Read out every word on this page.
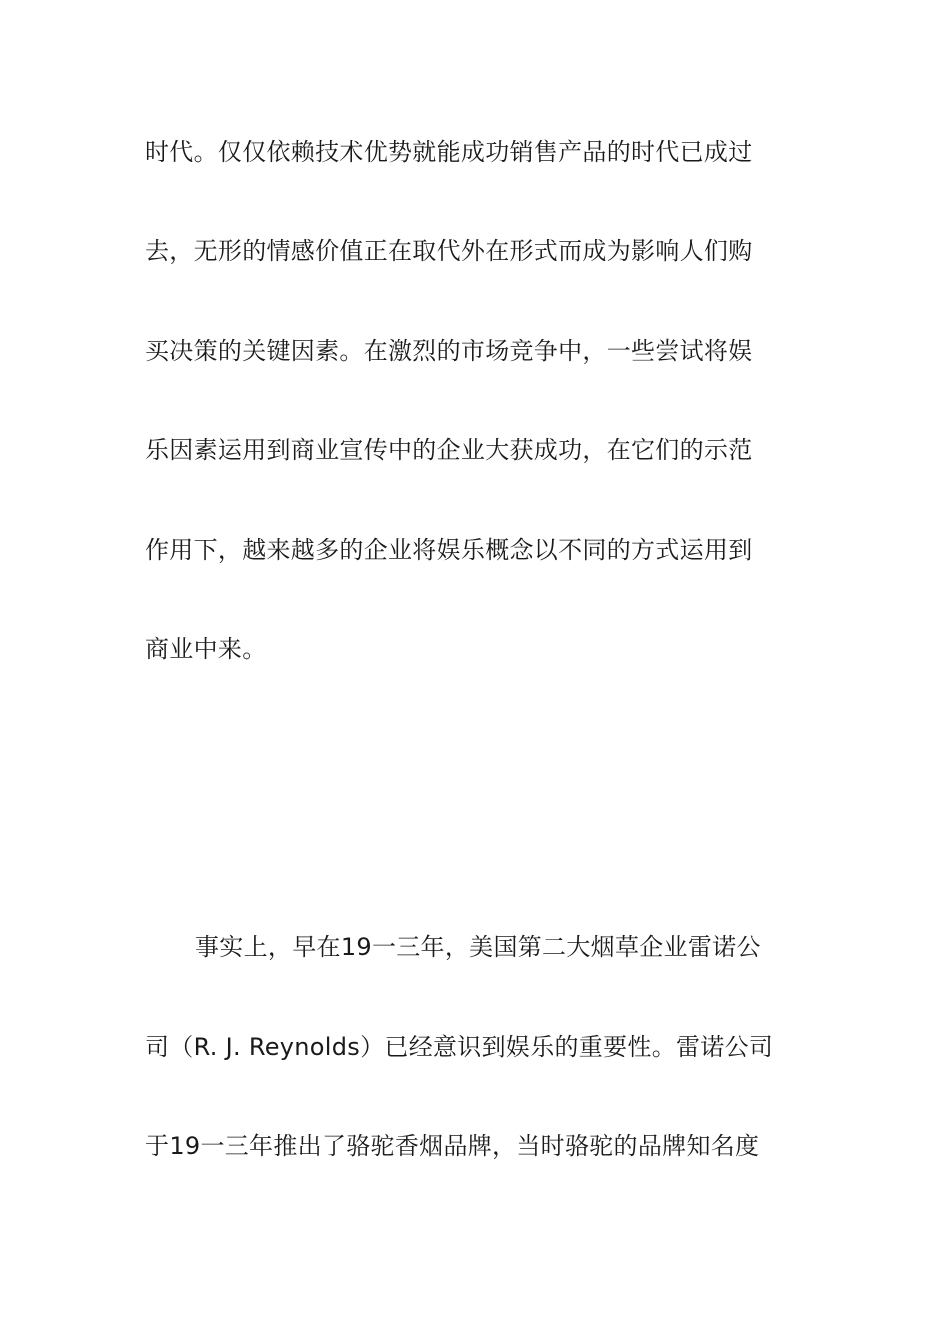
时代。仅仅依赖技术优势就能成功销售产品的时代已成过
去，无形的情感价值正在取代外在形式而成为影响人们购
买决策的关键因素。在激烈的市场竞争中，一些尝试将娱
乐因素运用到商业宣传中的企业大获成功，在它们的示范
作用下，越来越多的企业将娱乐概念以不同的方式运用到
商业中来。
事实上，早在19一三年，美国第二大烟草企业雷诺公
司（R. J. Reynolds）已经意识到娱乐的重要性。雷诺公司
于19一三年推出了骆驼香烟品牌，当时骆驼的品牌知名度
